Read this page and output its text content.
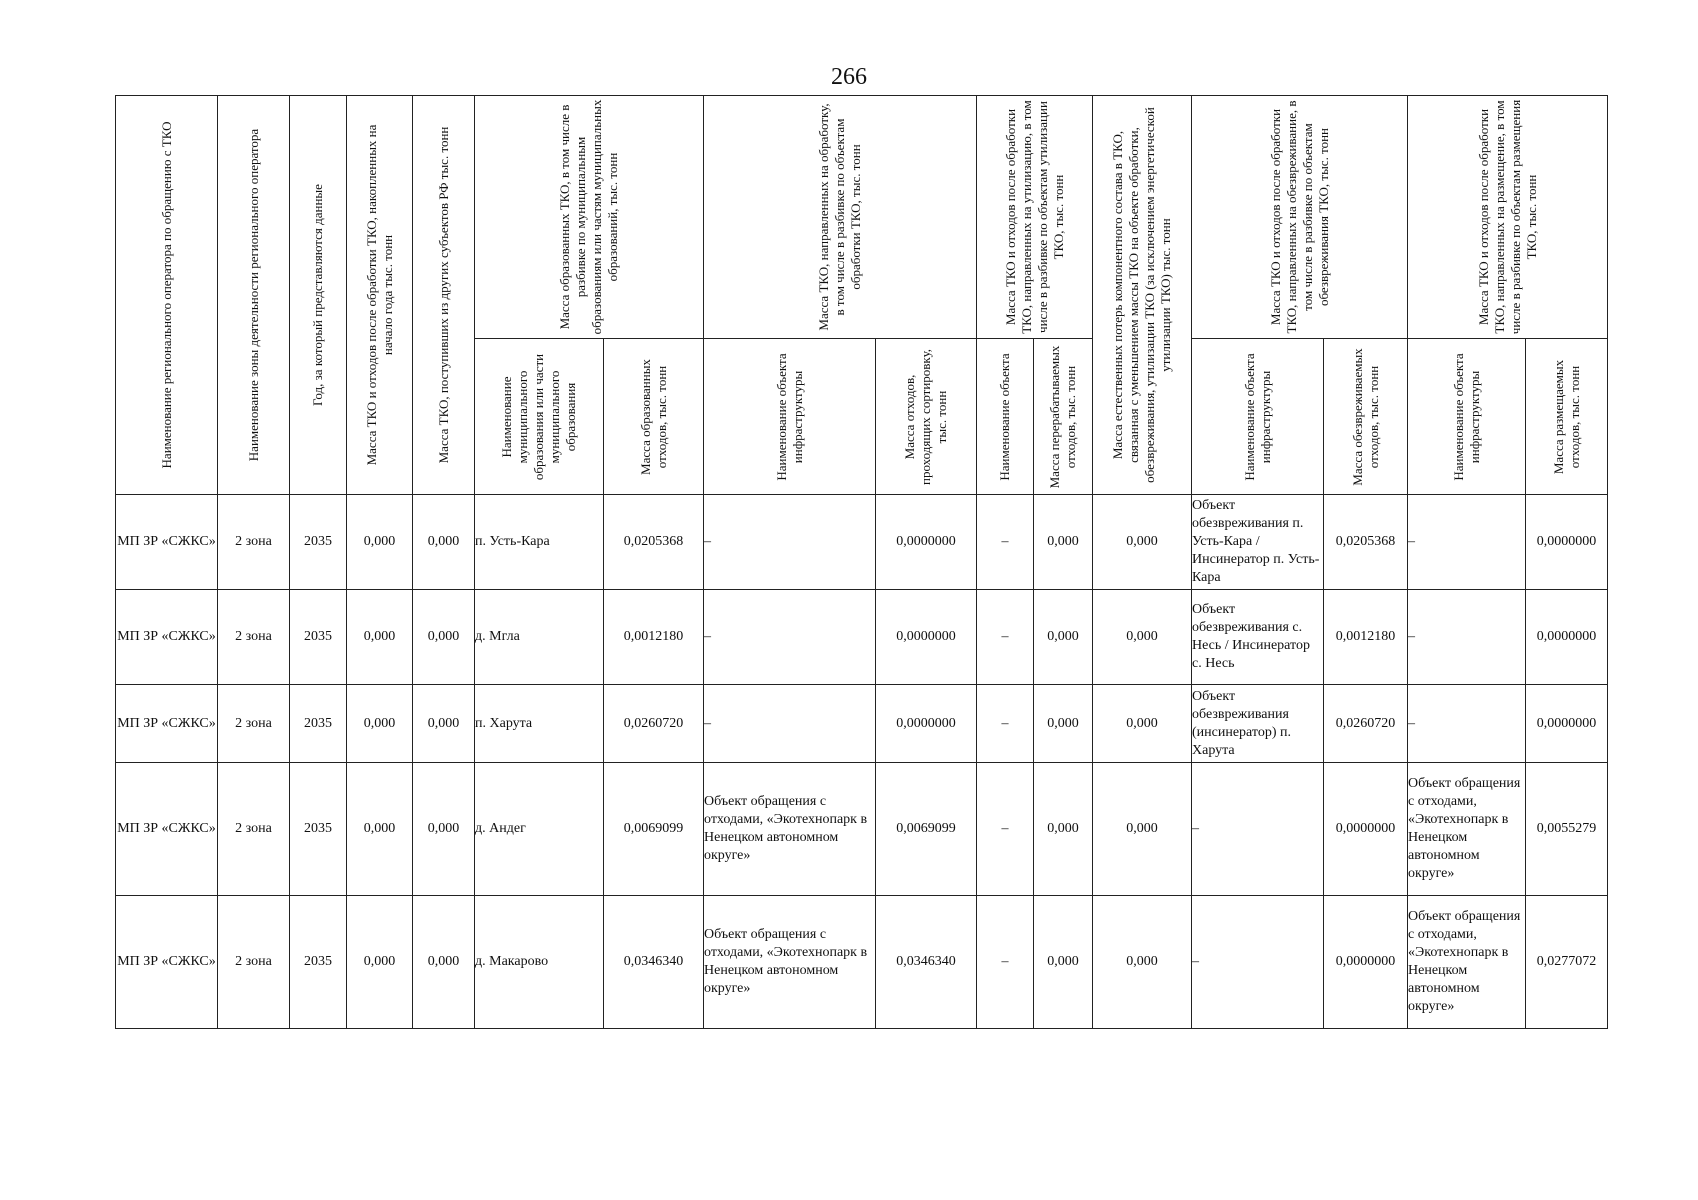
266
Наименование регионального оператора по обращению с ТКО	Наименование зоны деятельности регионального оператора	Год, за который представляются данные	Масса ТКО и отходов после обработки ТКО, накопленных на начало года тыс. тонн	Масса ТКО, поступивших из других субъектов РФ тыс. тонн	Масса образованных ТКО, в том числе в разбивке по муниципальным образованиям или частям муниципальных образований, тыс. тонн		Масса ТКО, направленных на обработку, в том числе в разбивке по объектам обработки ТКО, тыс. тонн		Масса ТКО и отходов после обработки ТКО, направленных на утилизацию, в том числе в разбивке по объектам утилизации ТКО, тыс. тонн		Масса естественных потерь компонентного состава в ТКО, связанная с уменьшением массы ТКО на объекте обработки, обезвреживания, утилизации ТКО (за исключением энергетической утилизации ТКО) тыс. тонн	Масса ТКО и отходов после обработки ТКО, направленных на обезвреживание, в том числе в разбивке по объектам обезвреживания ТКО, тыс. тонн		Масса ТКО и отходов после обработки ТКО, направленных на размещение, в том числе в разбивке по объектам размещения ТКО, тыс. тонн	

					Наименование муниципального образования или части муниципального образования	Масса образованных отходов, тыс. тонн	Наименование объекта инфраструктуры	Масса отходов, проходящих сортировку, тыс. тонн	Наименование объекта	Масса перерабатываемых отходов, тыс. тонн		Наименование объекта инфраструктуры	Масса обезвреживаемых отходов, тыс. тонн	Наименование объекта инфраструктуры	Масса размещаемых отходов, тыс. тонн

МП ЗР «СЖКС»	2 зона	2035	0,000	0,000	п. Усть-Кара	0,0205368	–	0,0000000	–	0,000	0,000	Объект обезвреживания п. Усть-Кара / Инсинератор п. Усть-Кара	0,0205368	–	0,0000000
МП ЗР «СЖКС»	2 зона	2035	0,000	0,000	д. Мгла	0,0012180	–	0,0000000	–	0,000	0,000	Объект обезвреживания с. Несь / Инсинератор с. Несь	0,0012180	–	0,0000000
МП ЗР «СЖКС»	2 зона	2035	0,000	0,000	п. Харута	0,0260720	–	0,0000000	–	0,000	0,000	Объект обезвреживания (инсинератор) п. Харута	0,0260720	–	0,0000000
МП ЗР «СЖКС»	2 зона	2035	0,000	0,000	д. Андег	0,0069099	Объект обращения с отходами, «Экотехнопарк в Ненецком автономном округе»	0,0069099	–	0,000	0,000	–	0,0000000	Объект обращения с отходами, «Экотехнопарк в Ненецком автономном округе»	0,0055279
МП ЗР «СЖКС»	2 зона	2035	0,000	0,000	д. Макарово	0,0346340	Объект обращения с отходами, «Экотехнопарк в Ненецком автономном округе»	0,0346340	–	0,000	0,000	–	0,0000000	Объект обращения с отходами, «Экотехнопарк в Ненецком автономном округе»	0,0277072
